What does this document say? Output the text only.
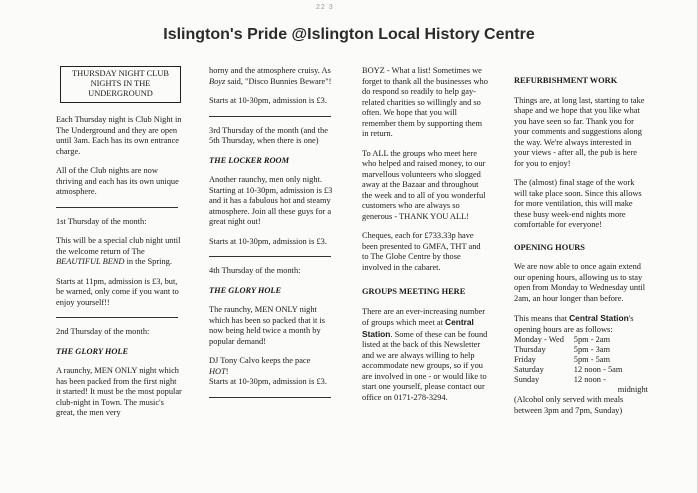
22 3
Islington's Pride @Islington Local History Centre
THURSDAY NIGHT CLUB NIGHTS IN THE UNDERGROUND

Each Thursday night is Club Night in The Underground and they are open until 3am. Each has its own entrance charge.

All of the Club nights are now thriving and each has its own unique atmosphere.

1st Thursday of the month:

This will be a special club night until the welcome return of The BEAUTIFUL BEND in the Spring.

Starts at 11pm, admission is £3, but, be warned, only come if you want to enjoy yourself!!

2nd Thursday of the month:

THE GLORY HOLE

A raunchy, MEN ONLY night which has been packed from the first night it started! It must be the most popular club-night in Town. The music's great, the men very

horny and the atmosphere cruisy. As Boyz said, "Disco Bunnies Beware"!

Starts at 10-30pm, admission is £3.

3rd Thursday of the month (and the 5th Thursday, when there is one)

THE LOCKER ROOM

Another raunchy, men only night. Starting at 10-30pm, admission is £3 and it has a fabulous hot and steamy atmosphere. Join all these guys for a great night out!

Starts at 10-30pm, admission is £3.

4th Thursday of the month:

THE GLORY HOLE

The raunchy, MEN ONLY night which has been so packed that it is now being held twice a month by popular demand!

DJ Tony Calvo keeps the pace
HOT!
Starts at 10-30pm, admission is £3.

BOYZ - What a list! Sometimes we forget to thank all the businesses who do respond so readily to help gay-related charities so willingly and so often. We hope that you will remember them by supporting them in return.

To ALL the groups who meet here who helped and raised money, to our marvellous volunteers who slogged away at the Bazaar and throughout the week and to all of you wonderful customers who are always so generous - THANK YOU ALL!

Cheques, each for £733.33p have been presented to GMFA, THT and to The Globe Centre by those involved in the cabaret.

GROUPS MEETING HERE

There are an ever-increasing number of groups which meet at Central Station. Some of these can be found listed at the back of this Newsletter and we are always willing to help accommodate new groups, so if you are involved in one - or would like to start one yourself, please contact our office on 0171-278-3294.

REFURBISHMENT WORK

Things are, at long last, starting to take shape and we hope that you like what you have seen so far. Thank you for your comments and suggestions along the way. We're always interested in your views - after all, the pub is here for you to enjoy!

The (almost) final stage of the work will take place soon. Since this allows for more ventilation, this will make these busy week-end nights more comfortable for everyone!

OPENING HOURS

We are now able to once again extend our opening hours, allowing us to stay open from Monday to Wednesday until 2am, an hour longer than before.

This means that Central Station's opening hours are as follows:

Monday - Wed	5pm - 2am
Thursday	5pm - 3am
Friday	5pm - 5am
Saturday	12 noon - 5am
Sunday	12 noon -
	midnight

(Alcohol only served with meals between 3pm and 7pm, Sunday)
